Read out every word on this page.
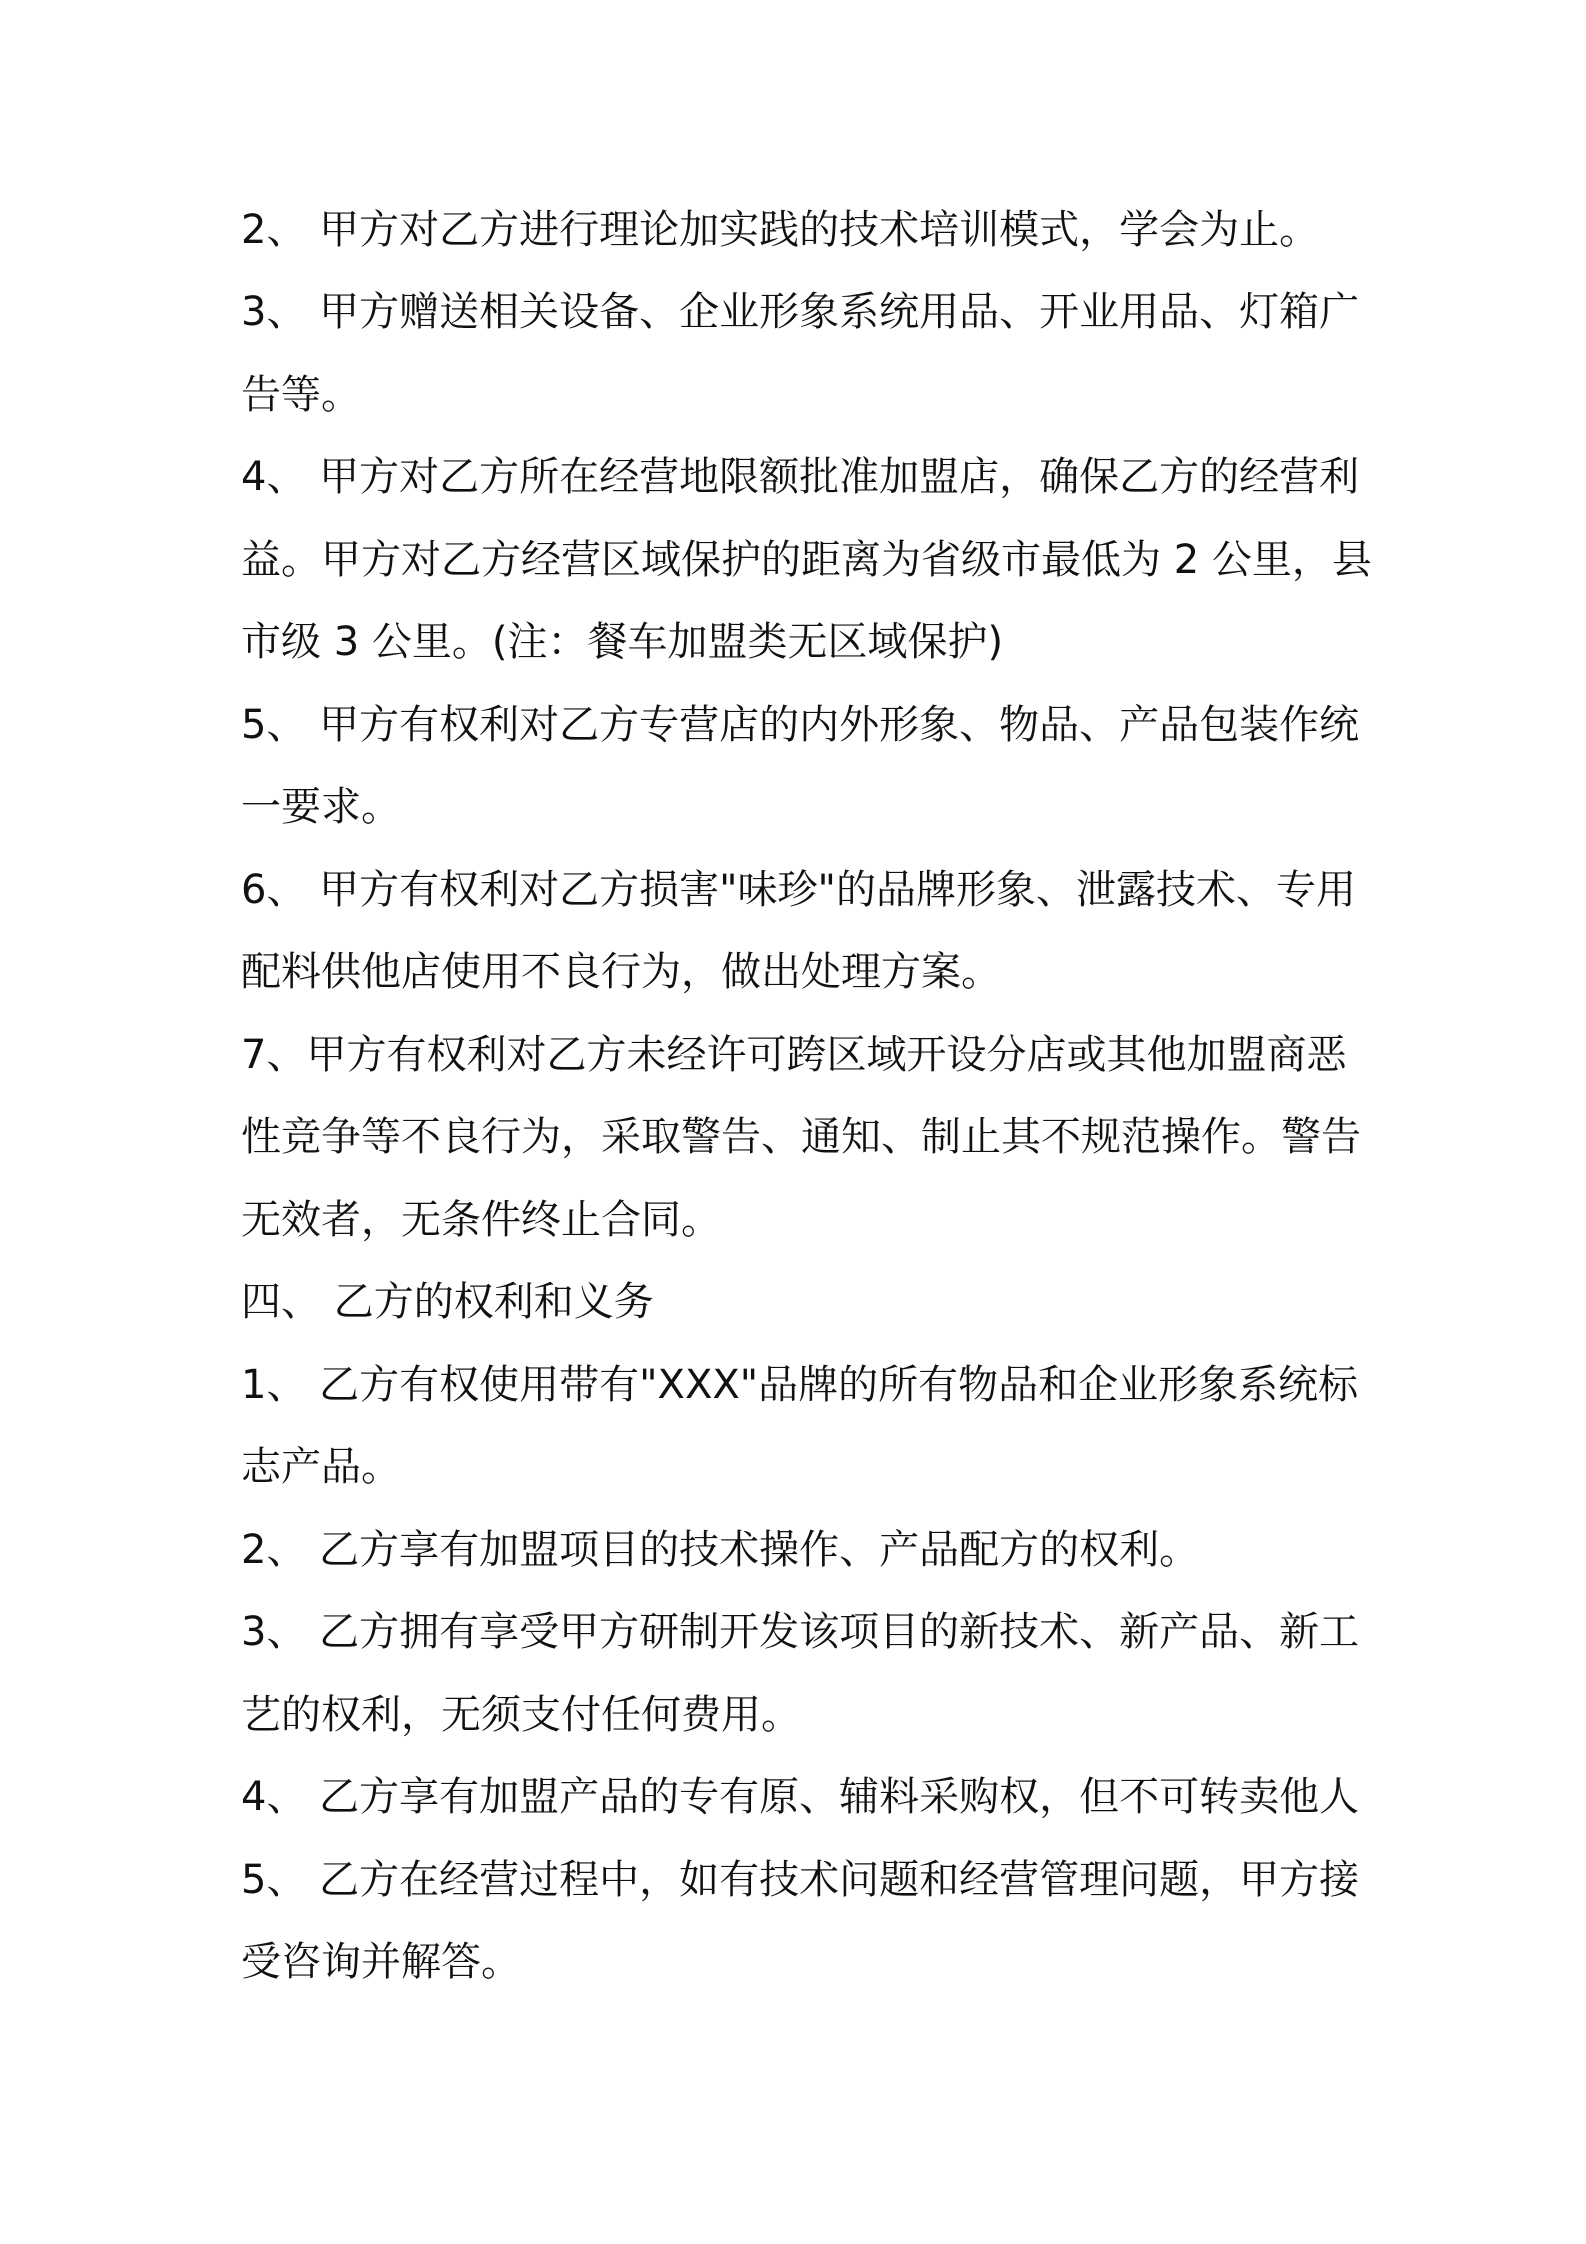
2、 甲方对乙方进行理论加实践的技术培训模式，学会为止。
3、 甲方赠送相关设备、企业形象系统用品、开业用品、灯箱广
告等。
4、 甲方对乙方所在经营地限额批准加盟店，确保乙方的经营利
益。甲方对乙方经营区域保护的距离为省级市最低为 2 公里，县
市级 3 公里。(注：餐车加盟类无区域保护)
5、 甲方有权利对乙方专营店的内外形象、物品、产品包装作统
一要求。
6、 甲方有权利对乙方损害"味珍"的品牌形象、泄露技术、专用
配料供他店使用不良行为，做出处理方案。
7、甲方有权利对乙方未经许可跨区域开设分店或其他加盟商恶
性竞争等不良行为，采取警告、通知、制止其不规范操作。警告
无效者，无条件终止合同。
四、 乙方的权利和义务
1、 乙方有权使用带有"XXX"品牌的所有物品和企业形象系统标
志产品。
2、 乙方享有加盟项目的技术操作、产品配方的权利。
3、 乙方拥有享受甲方研制开发该项目的新技术、新产品、新工
艺的权利，无须支付任何费用。
4、 乙方享有加盟产品的专有原、辅料采购权，但不可转卖他人
5、 乙方在经营过程中，如有技术问题和经营管理问题，甲方接
受咨询并解答。
